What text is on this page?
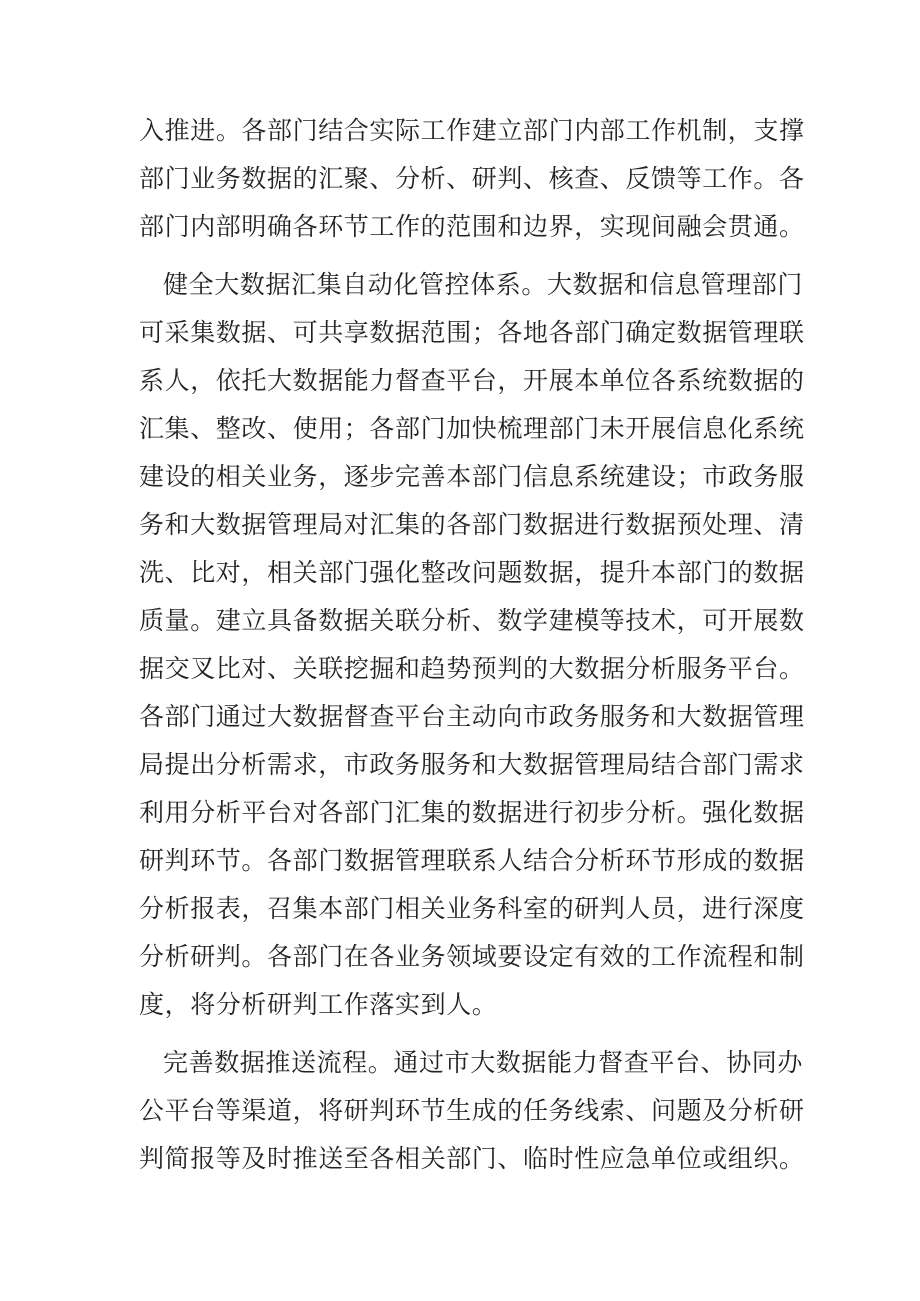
入推进。各部门结合实际工作建立部门内部工作机制，支撑
部门业务数据的汇聚、分析、研判、核查、反馈等工作。各
部门内部明确各环节工作的范围和边界，实现间融会贯通。
健全大数据汇集自动化管控体系。大数据和信息管理部门
可采集数据、可共享数据范围；各地各部门确定数据管理联
系人，依托大数据能力督查平台，开展本单位各系统数据的
汇集、整改、使用；各部门加快梳理部门未开展信息化系统
建设的相关业务，逐步完善本部门信息系统建设；市政务服
务和大数据管理局对汇集的各部门数据进行数据预处理、清
洗、比对，相关部门强化整改问题数据，提升本部门的数据
质量。建立具备数据关联分析、数学建模等技术，可开展数
据交叉比对、关联挖掘和趋势预判的大数据分析服务平台。
各部门通过大数据督查平台主动向市政务服务和大数据管理
局提出分析需求，市政务服务和大数据管理局结合部门需求
利用分析平台对各部门汇集的数据进行初步分析。强化数据
研判环节。各部门数据管理联系人结合分析环节形成的数据
分析报表，召集本部门相关业务科室的研判人员，进行深度
分析研判。各部门在各业务领域要设定有效的工作流程和制
度，将分析研判工作落实到人。
完善数据推送流程。通过市大数据能力督查平台、协同办
公平台等渠道，将研判环节生成的任务线索、问题及分析研
判简报等及时推送至各相关部门、临时性应急单位或组织。
